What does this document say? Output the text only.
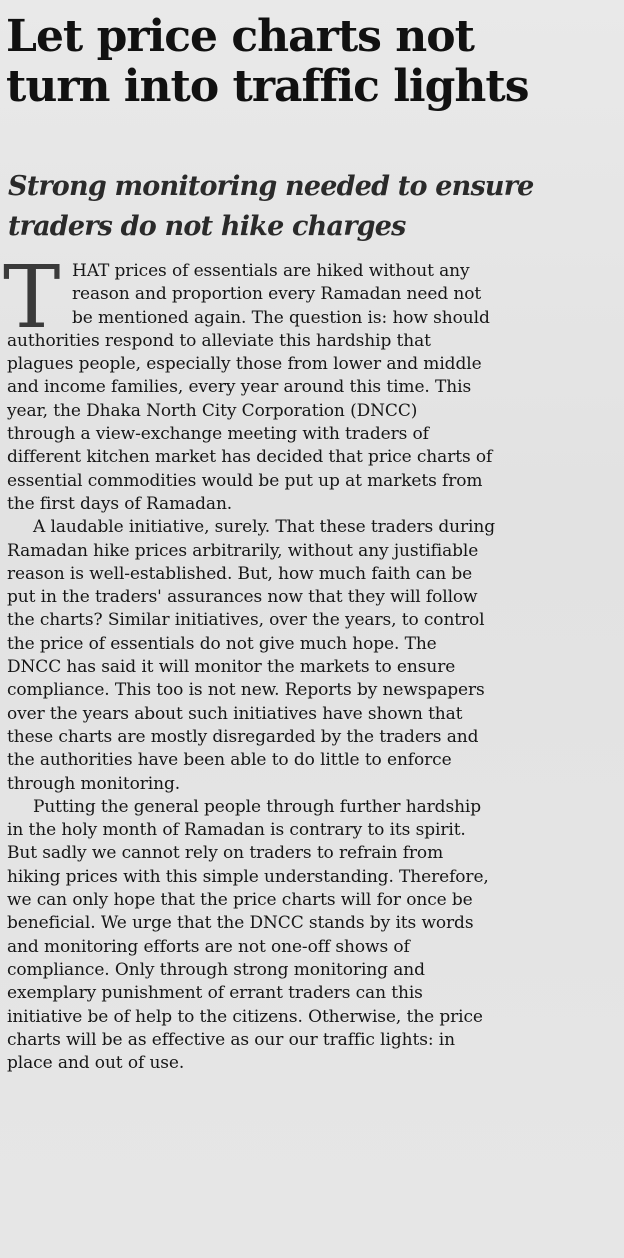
Let price charts not
turn into traffic lights
Strong monitoring needed to ensure
traders do not hike charges
T HAT prices of essentials are hiked without any
reason and proportion every Ramadan need not
be mentioned again. The question is: how should
authorities respond to alleviate this hardship that
plagues people, especially those from lower and middle
and income families, every year around this time. This
year, the Dhaka North City Corporation (DNCC)
through a view-exchange meeting with traders of
different kitchen market has decided that price charts of
essential commodities would be put up at markets from
the first days of Ramadan.
A laudable initiative, surely. That these traders during
Ramadan hike prices arbitrarily, without any justifiable
reason is well-established. But, how much faith can be
put in the traders' assurances now that they will follow
the charts? Similar initiatives, over the years, to control
the price of essentials do not give much hope. The
DNCC has said it will monitor the markets to ensure
compliance. This too is not new. Reports by newspapers
over the years about such initiatives have shown that
these charts are mostly disregarded by the traders and
the authorities have been able to do little to enforce
through monitoring.
Putting the general people through further hardship
in the holy month of Ramadan is contrary to its spirit.
But sadly we cannot rely on traders to refrain from
hiking prices with this simple understanding. Therefore,
we can only hope that the price charts will for once be
beneficial. We urge that the DNCC stands by its words
and monitoring efforts are not one-off shows of
compliance. Only through strong monitoring and
exemplary punishment of errant traders can this
initiative be of help to the citizens. Otherwise, the price
charts will be as effective as our our traffic lights: in
place and out of use.
